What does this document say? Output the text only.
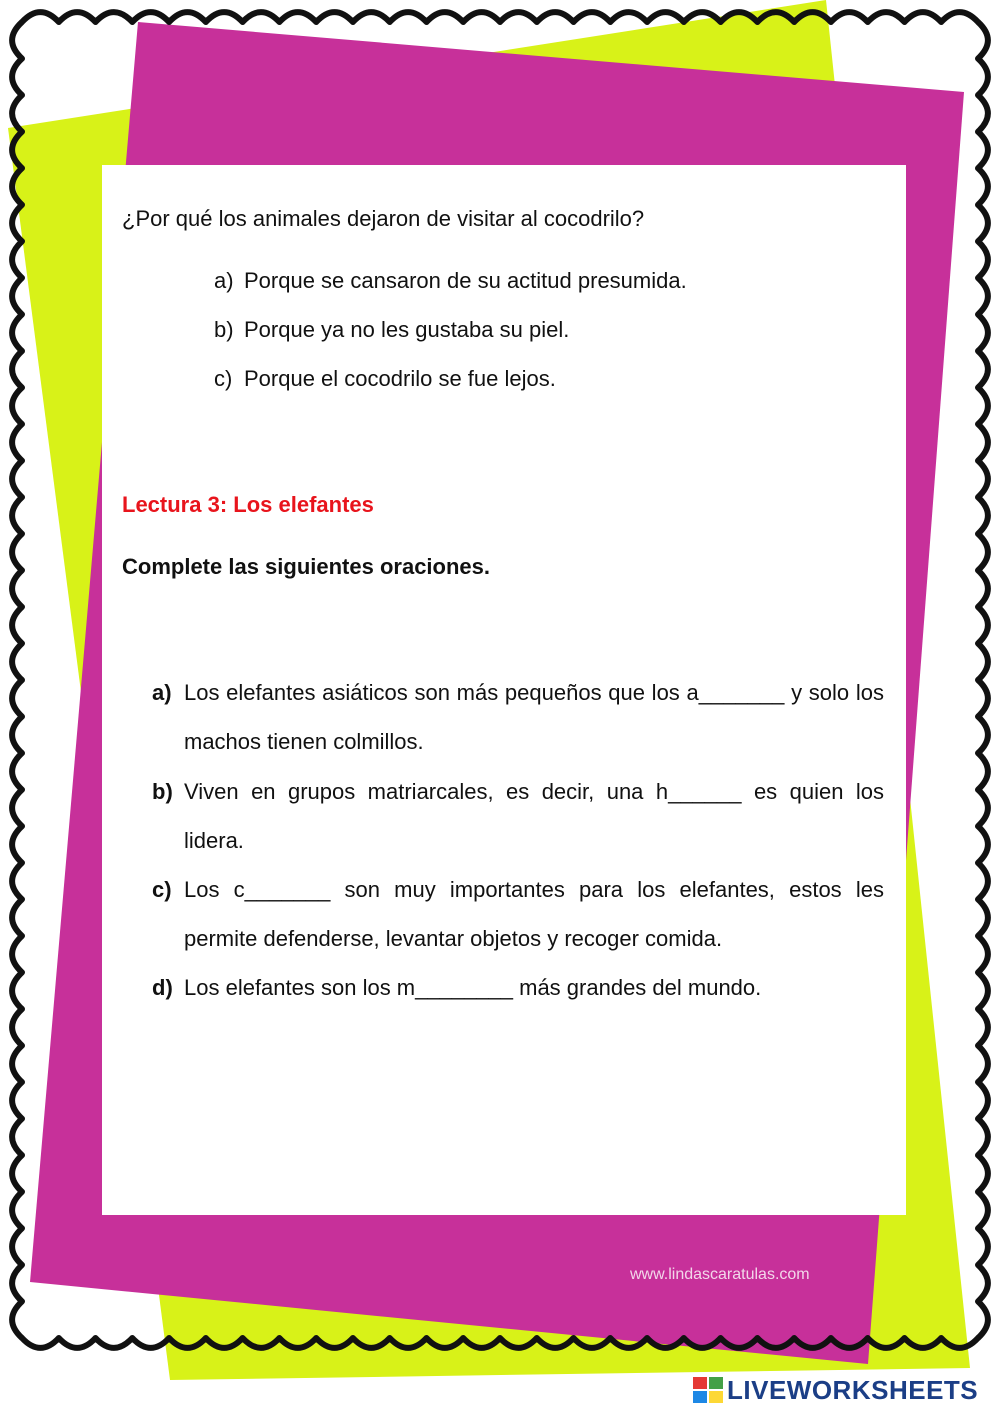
¿Por qué los animales dejaron de visitar al cocodrilo?
a) Porque se cansaron de su actitud presumida.
b) Porque ya no les gustaba su piel.
c) Porque el cocodrilo se fue lejos.
Lectura 3: Los elefantes
Complete las siguientes oraciones.
a) Los elefantes asiáticos son más pequeños que los a_______ y solo los machos tienen colmillos.
b) Viven en grupos matriarcales, es decir, una h______ es quien los lidera.
c) Los c_______ son muy importantes para los elefantes, estos les permite defenderse, levantar objetos y recoger comida.
d) Los elefantes son los m________ más grandes del mundo.
www.lindascaratulas.com
LIVEWORKSHEETS
